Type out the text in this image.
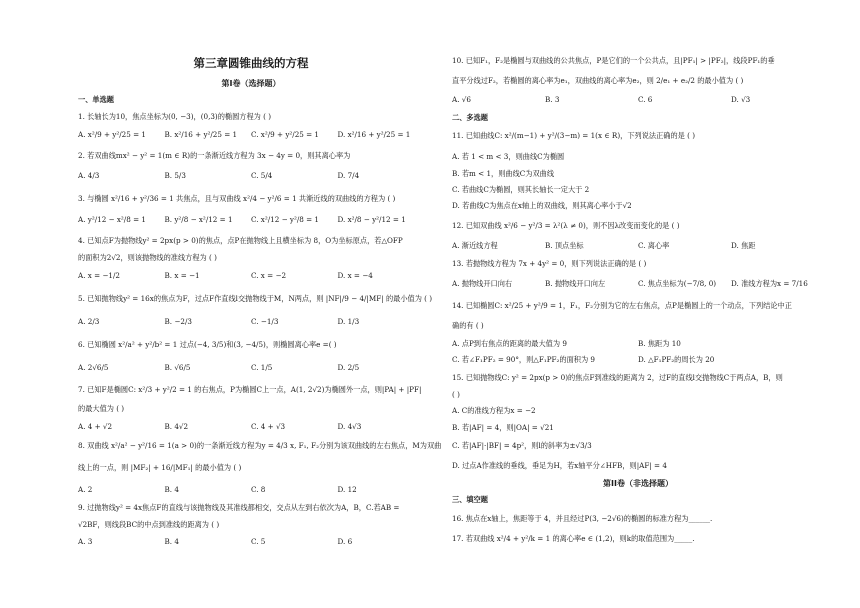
第三章圆锥曲线的方程
第I卷（选择题）
一、单选题
1. 长轴长为10，焦点坐标为(0, −3)，(0,3)的椭圆方程为 ( )
A. x²/9 + y²/25 = 1	B. x²/16 + y²/25 = 1 C. x²/9 + y²/25 = 1	D. x²/16 + y²/25 = 1
2. 若双曲线mx² − y² = 1(m ∈ R)的一条渐近线方程为 3x − 4y = 0，则其离心率为
A. 4/3	B. 5/3	C. 5/4	D. 7/4
3. 与椭圆 x²/16 + y²/36 = 1 共焦点，且与双曲线 x²/4 − y²/6 = 1 共渐近线的双曲线的方程为 ( )
A. y²/12 − x²/8 = 1	B. y²/8 − x²/12 = 1	C. x²/12 − y²/8 = 1	D. x²/8 − y²/12 = 1
4. 已知点F为抛物线y² = 2px(p > 0)的焦点，点P在抛物线上且横坐标为 8，O为坐标原点，若△OFP
的面积为2√2，则该抛物线的准线方程为 ( )
A. x = −1/2	B. x = −1	C. x = −2	D. x = −4
5. 已知抛物线y² = 16x的焦点为F，过点F作直线l交抛物线于M，N两点，则 |NF|/9 − 4/|MF| 的最小值为 ( )
A. 2/3	B. −2/3	C. −1/3	D. 1/3
6. 已知椭圆 x²/a² + y²/b² = 1 过点(−4, 3/5)和(3, −4/5)，则椭圆离心率e =( )
A. 2√6/5	B. √6/5	C. 1/5	D. 2/5
7. 已知F是椭圆C: x²/3 + y²/2 = 1 的右焦点，P为椭圆C上一点，A(1, 2√2)为椭圆外一点，则|PA| + |PF|
的最大值为 ( )
A. 4 + √2	B. 4√2	C. 4 + √3	D. 4√3
8. 双曲线 x²/a² − y²/16 = 1(a > 0)的一条渐近线方程为y = 4/3 x, F₁, F₂分别为该双曲线的左右焦点，M为双曲
线上的一点，则 |MF₂| + 16/|MF₁| 的最小值为 ( )
A. 2	B. 4	C. 8	D. 12
9. 过抛物线y² = 4x焦点F的直线与该抛物线及其准线都相交，交点从左到右依次为A，B，C.若AB =
√2BF，则线段BC的中点到准线的距离为 ( )
A. 3	B. 4	C. 5	D. 6
10. 已知F₁，F₂是椭圆与双曲线的公共焦点，P是它们的一个公共点，且|PF₁| > |PF₂|，线段PF₁的垂
直平分线过F₂，若椭圆的离心率为e₁，双曲线的离心率为e₂，则 2/e₁ + e₂/2 的最小值为 ( )
A. √6	B. 3	C. 6	D. √3
二、多选题
11. 已知曲线C: x²/(m−1) + y²/(3−m) = 1(x ∈ R)，下列说法正确的是 ( )
A. 若 1 < m < 3，则曲线C为椭圆
B. 若m < 1，则曲线C为双曲线
C. 若曲线C为椭圆，则其长轴长一定大于 2
D. 若曲线C为焦点在x轴上的双曲线，则其离心率小于√2
12. 已知双曲线 x²/6 − y²/3 = λ²(λ ≠ 0)，则不因λ改变而变化的是 ( )
A. 渐近线方程	B. 顶点坐标	C. 离心率	D. 焦距
13. 若抛物线方程为 7x + 4y² = 0，则下列说法正确的是 ( )
A. 抛物线开口向右	B. 抛物线开口向左	C. 焦点坐标为(−7/8, 0) D. 准线方程为x = 7/16
14. 已知椭圆C: x²/25 + y²/9 = 1，F₁，F₂分别为它的左右焦点，点P是椭圆上的一个动点，下列结论中正
确的有 ( )
A. 点P到右焦点的距离的最大值为 9	B. 焦距为 10
C. 若∠F₁PF₂ = 90°，则△F₁PF₂的面积为 9	D. △F₁PF₂的周长为 20
15. 已知抛物线C: y² = 2px(p > 0)的焦点F到准线的距离为 2，过F的直线l交抛物线C于两点A，B，则
( )
A. C的准线方程为x = −2
B. 若|AF| = 4，则|OA| = √21
C. 若|AF|·|BF| = 4p²，则l的斜率为±√3/3
D. 过点A作准线的垂线，垂足为H，若x轴平分∠HFB，则|AF| = 4
第II卷（非选择题）
三、填空题
16. 焦点在x轴上，焦距等于 4，并且经过P(3, −2√6)的椭圆的标准方程为______.
17. 若双曲线 x²/4 + y²/k = 1 的离心率e ∈ (1,2)，则k的取值范围为_____.
